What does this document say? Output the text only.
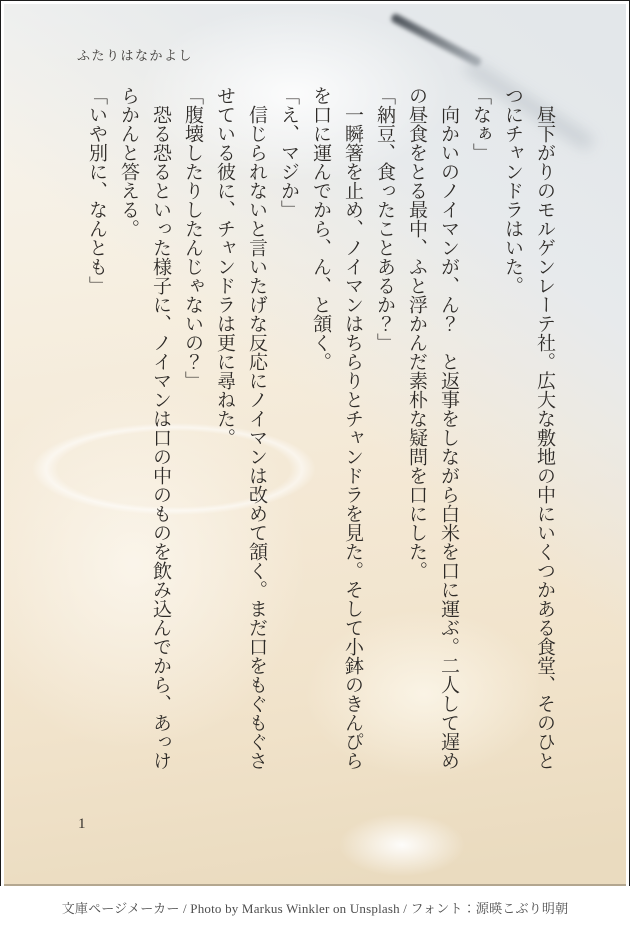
ふたりはなかよし

　昼下がりのモルゲンレーテ社。広大な敷地の中にいくつかある食堂、そのひとつにチャンドラはいた。

「なぁ」

　向かいのノイマンが、ん？　と返事をしながら白米を口に運ぶ。二人して遅めの昼食をとる最中、ふと浮かんだ素朴な疑問を口にした。

「納豆、食ったことあるか？」

　一瞬箸を止め、ノイマンはちらりとチャンドラを見た。そして小鉢のきんぴらを口に運んでから、ん、と頷く。

「え、マジか」

　信じられないと言いたげな反応にノイマンは改めて頷く。まだ口をもぐもぐさせている彼に、チャンドラは更に尋ねた。

「腹壊したりしたんじゃないの？」

　恐る恐るといった様子に、ノイマンは口の中のものを飲み込んでから、あっけらかんと答える。

「いや別に、なんとも」

1
文庫ページメーカー / Photo by Markus Winkler on Unsplash / フォント：源暎こぶり明朝
